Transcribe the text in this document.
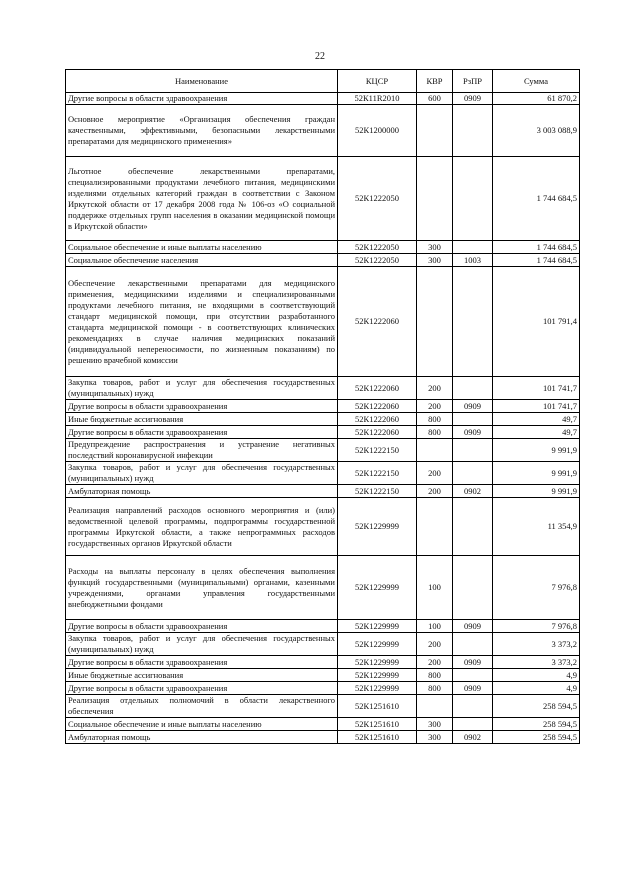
22
Наименование	КЦСР	КВР	РзПР	Сумма
Другие вопросы в области здравоохранения	52К11R2010	600	0909	61 870,2
Основное мероприятие «Организация обеспечения граждан качественными, эффективными, безопасными лекарственными препаратами для медицинского применения»	52К1200000			3 003 088,9
Льготное обеспечение лекарственными препаратами, специализированными продуктами лечебного питания, медицинскими изделиями отдельных категорий граждан в соответствии с Законом Иркутской области от 17 декабря 2008 года № 106-оз «О социальной поддержке отдельных групп населения в оказании медицинской помощи в Иркутской области»	52К1222050			1 744 684,5
Социальное обеспечение и иные выплаты населению	52К1222050	300		1 744 684,5
Социальное обеспечение населения	52К1222050	300	1003	1 744 684,5
Обеспечение лекарственными препаратами для медицинского применения, медицинскими изделиями и специализированными продуктами лечебного питания, не входящими в соответствующий стандарт медицинской помощи, при отсутствии разработанного стандарта медицинской помощи - в соответствующих клинических рекомендациях в случае наличия медицинских показаний (индивидуальной непереносимости, по жизненным показаниям) по решению врачебной комиссии	52К1222060			101 791,4
Закупка товаров, работ и услуг для обеспечения государственных (муниципальных) нужд	52К1222060	200		101 741,7
Другие вопросы в области здравоохранения	52К1222060	200	0909	101 741,7
Иные бюджетные ассигнования	52К1222060	800		49,7
Другие вопросы в области здравоохранения	52К1222060	800	0909	49,7
Предупреждение распространения и устранение негативных последствий коронавирусной инфекции	52К1222150			9 991,9
Закупка товаров, работ и услуг для обеспечения государственных (муниципальных) нужд	52К1222150	200		9 991,9
Амбулаторная помощь	52К1222150	200	0902	9 991,9
Реализация направлений расходов основного мероприятия и (или) ведомственной целевой программы, подпрограммы государственной программы Иркутской области, а также непрограммных расходов государственных органов Иркутской области	52К1229999			11 354,9
Расходы на выплаты персоналу в целях обеспечения выполнения функций государственными (муниципальными) органами, казенными учреждениями, органами управления государственными внебюджетными фондами	52К1229999	100		7 976,8
Другие вопросы в области здравоохранения	52К1229999	100	0909	7 976,8
Закупка товаров, работ и услуг для обеспечения государственных (муниципальных) нужд	52К1229999	200		3 373,2
Другие вопросы в области здравоохранения	52К1229999	200	0909	3 373,2
Иные бюджетные ассигнования	52К1229999	800		4,9
Другие вопросы в области здравоохранения	52К1229999	800	0909	4,9
Реализация отдельных полномочий в области лекарственного обеспечения	52К1251610			258 594,5
Социальное обеспечение и иные выплаты населению	52К1251610	300		258 594,5
Амбулаторная помощь	52К1251610	300	0902	258 594,5
